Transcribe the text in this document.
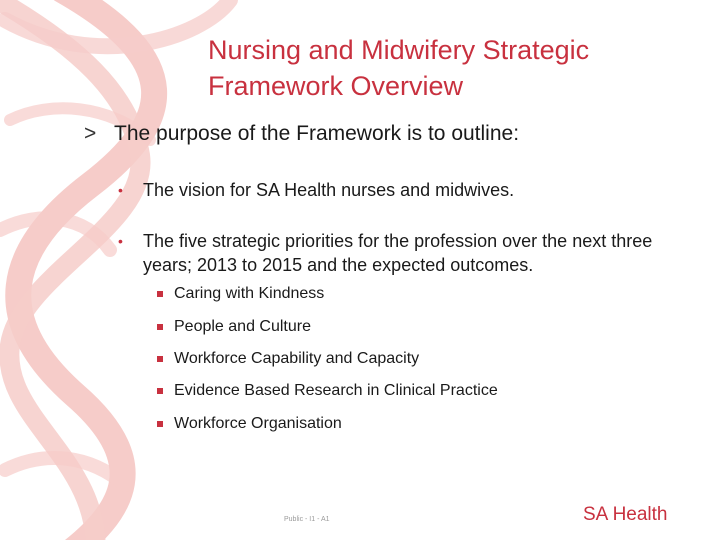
Nursing and Midwifery Strategic
Framework Overview
> The purpose of the Framework is to outline:
•	The vision for SA Health nurses and midwives.
•	The five strategic priorities for the profession over the next three years; 2013 to 2015 and the expected outcomes.
Caring with Kindness
People and Culture
Workforce Capability and Capacity
Evidence Based Research in Clinical Practice
Workforce Organisation
Public - I1 - A1	SA Health
